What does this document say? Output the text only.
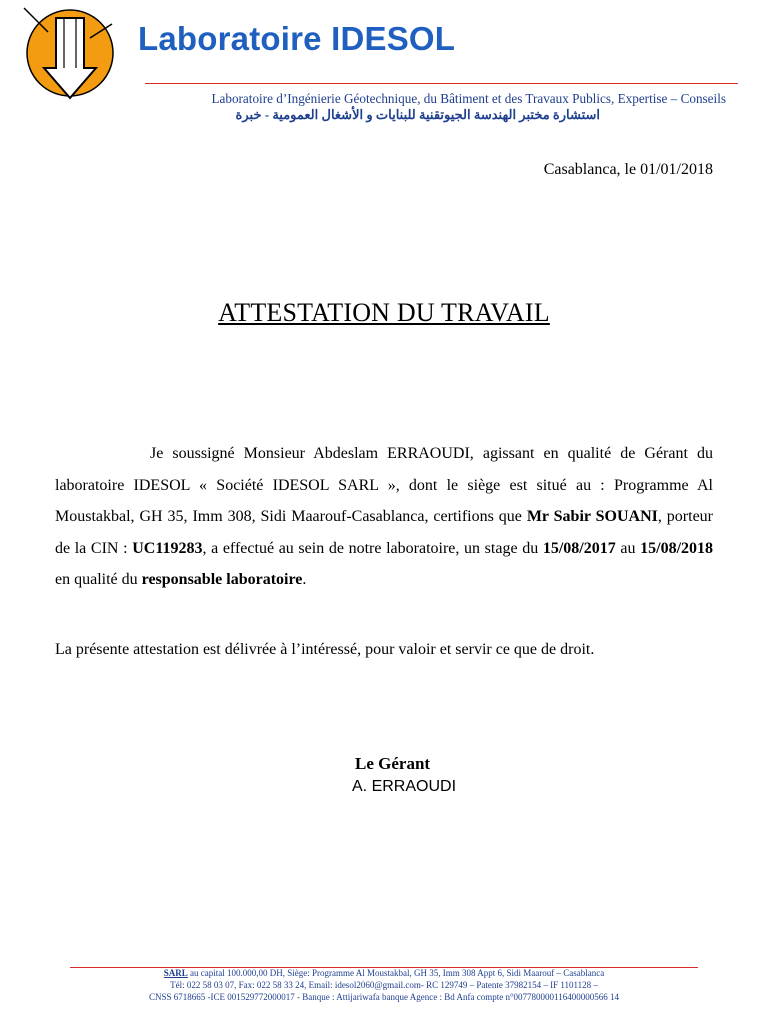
Laboratoire IDESOL
Laboratoire d’Ingénierie Géotechnique, du Bâtiment et des Travaux Publics, Expertise – Conseils
استشارة مختبر الهندسة الجيوتقنية للبنايات و الأشغال العمومية - خبرة
Casablanca, le 01/01/2018
ATTESTATION DU TRAVAIL
Je soussigné Monsieur Abdeslam ERRAOUDI, agissant en qualité de Gérant du laboratoire IDESOL « Société IDESOL SARL », dont le siège est situé au : Programme Al Moustakbal, GH 35, Imm 308, Sidi Maarouf-Casablanca, certifions que Mr Sabir SOUANI, porteur de la CIN : UC119283, a effectué au sein de notre laboratoire, un stage du 15/08/2017 au 15/08/2018 en qualité du responsable laboratoire.
La présente attestation est délivrée à l’intéressé, pour valoir et servir ce que de droit.
Le Gérant
A. ERRAOUDI
SARL au capital 100.000,00 DH, Siège: Programme Al Moustakbal, GH 35, Imm 308 Appt 6, Sidi Maarouf – Casablanca
Tél: 022 58 03 07, Fax: 022 58 33 24, Email: idesol2060@gmail.com- RC 129749 – Patente 37982154 – IF 1101128 –
CNSS 6718665 -ICE 001529772000017 - Banque : Attijariwafa banque Agence : Bd Anfa compte n°007780000116400000566 14
